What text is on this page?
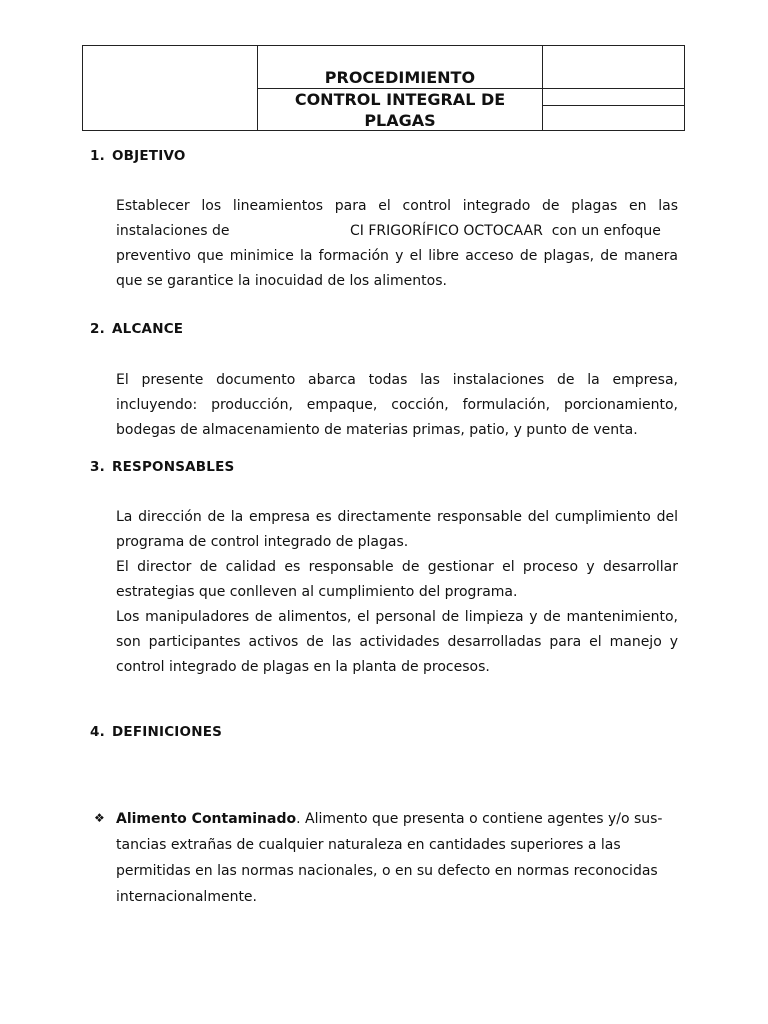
PROCEDIMIENTO

CONTROL INTEGRAL DE
PLAGAS
1. OBJETIVO
Establecer los lineamientos para el control integrado de plagas en las
instalaciones de	CI FRIGORÍFICO OCTOCAAR  con un enfoque
preventivo que minimice la formación y el libre acceso de plagas, de manera
que se garantice la inocuidad de los alimentos.
2. ALCANCE
El presente documento abarca todas las instalaciones de la empresa,
incluyendo: producción, empaque, cocción, formulación, porcionamiento,
bodegas de almacenamiento de materias primas, patio, y punto de venta.
3. RESPONSABLES
La dirección de la empresa es directamente responsable del cumplimiento del
programa de control integrado de plagas.
El director de calidad es responsable de gestionar el proceso y desarrollar
estrategias que conlleven al cumplimiento del programa.
Los manipuladores de alimentos, el personal de limpieza y de mantenimiento,
son participantes activos de las actividades desarrolladas para el manejo y
control integrado de plagas en la planta de procesos.
4. DEFINICIONES
❖ Alimento Contaminado. Alimento que presenta o contiene agentes y/o sus-
tancias extrañas de cualquier naturaleza en cantidades superiores a las
permitidas en las normas nacionales, o en su defecto en normas reconocidas
internacionalmente.
